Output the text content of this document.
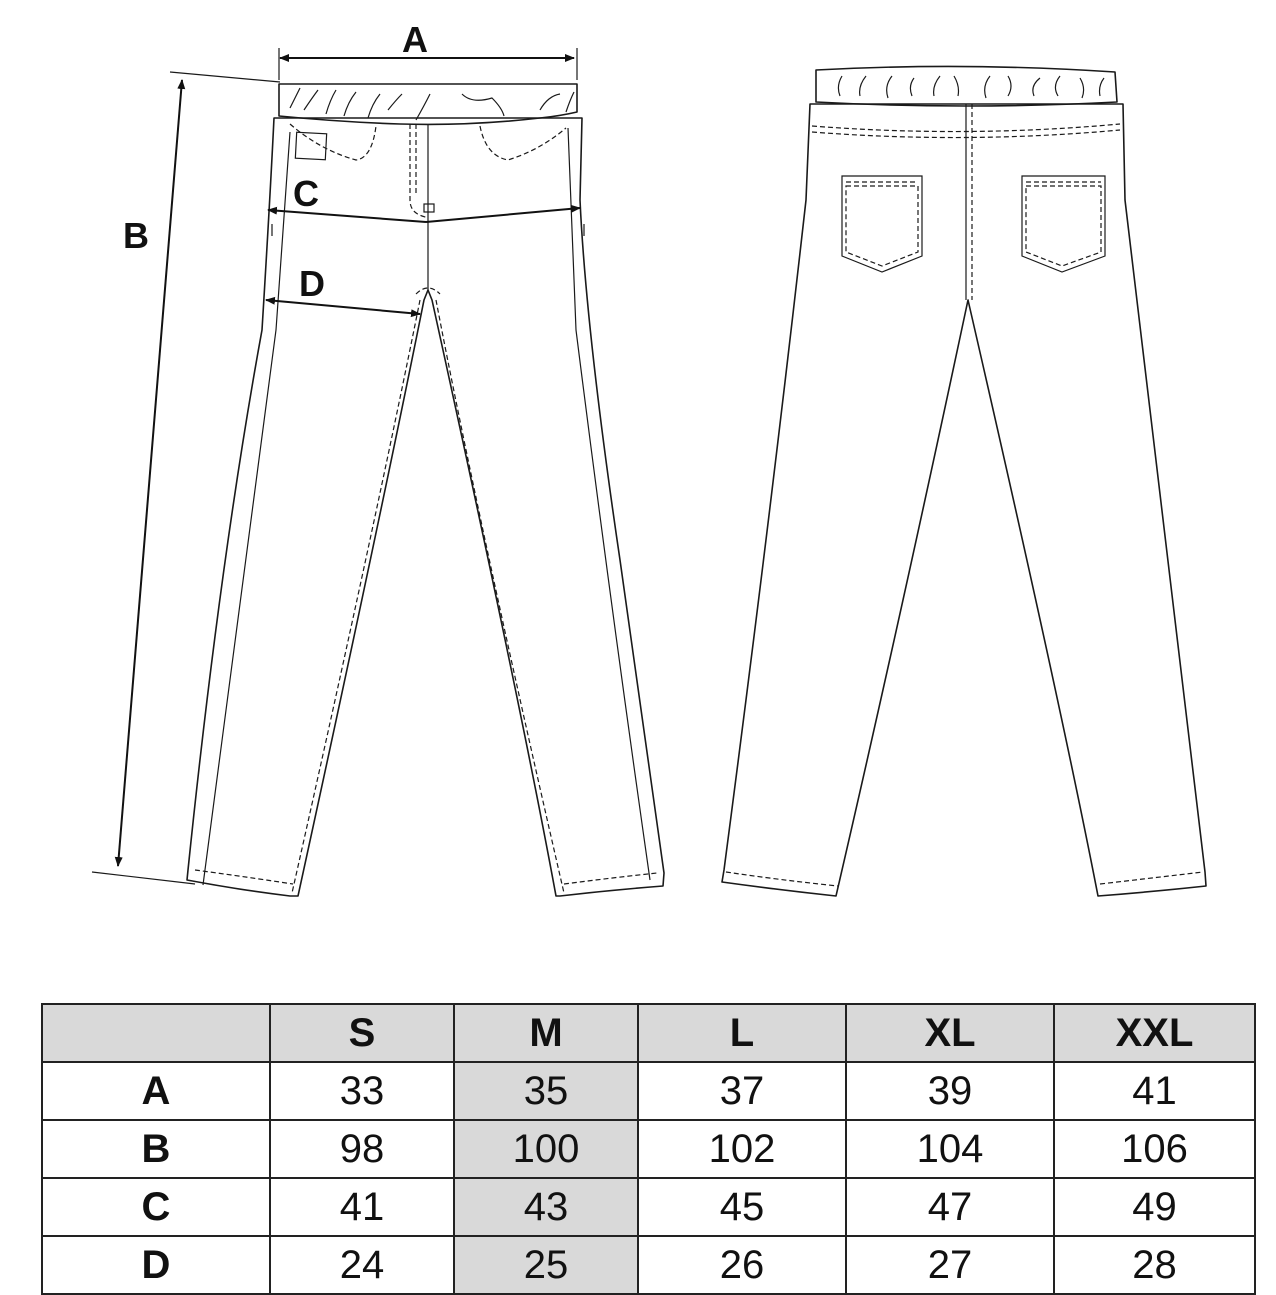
A
B
C
D
	S	M	L	XL	XXL
A	33	35	37	39	41
B	98	100	102	104	106
C	41	43	45	47	49
D	24	25	26	27	28
